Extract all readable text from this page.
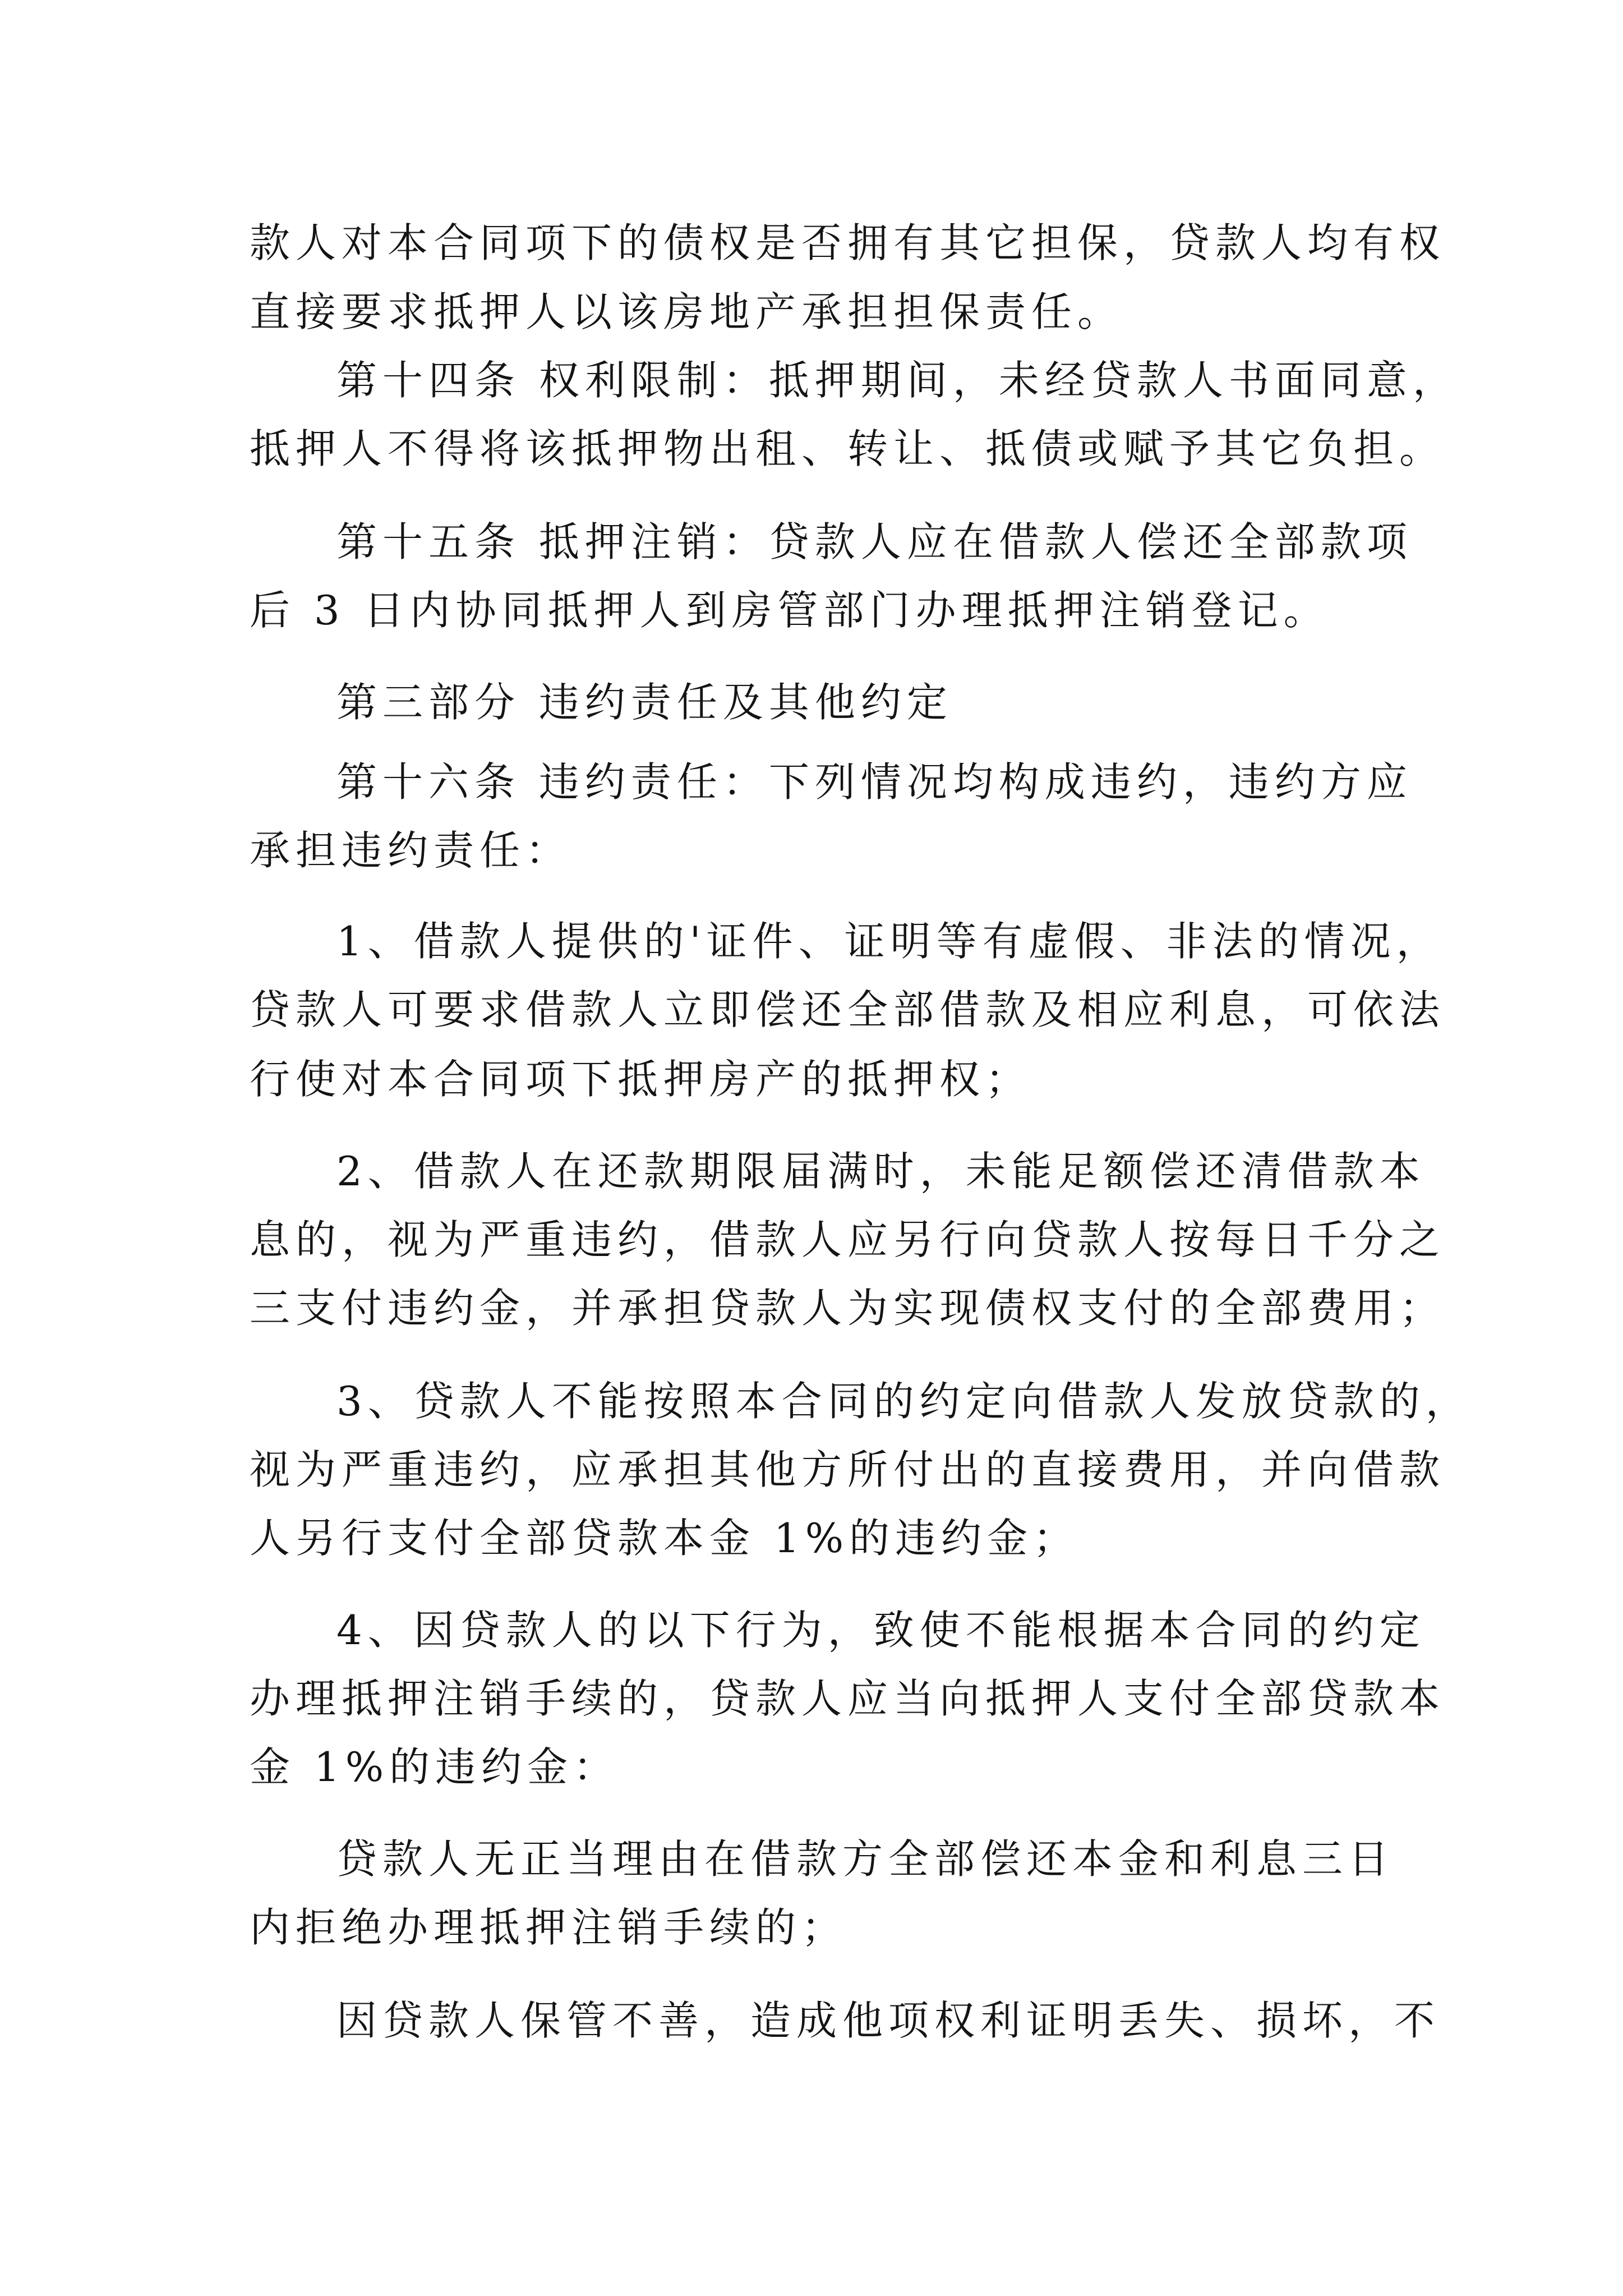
款人对本合同项下的债权是否拥有其它担保，贷款人均有权
直接要求抵押人以该房地产承担担保责任。
第十四条 权利限制：抵押期间，未经贷款人书面同意，
抵押人不得将该抵押物出租、转让、抵债或赋予其它负担。
第十五条 抵押注销：贷款人应在借款人偿还全部款项
后 3 日内协同抵押人到房管部门办理抵押注销登记。
第三部分 违约责任及其他约定
第十六条 违约责任：下列情况均构成违约，违约方应
承担违约责任：
1、借款人提供的'证件、证明等有虚假、非法的情况，
贷款人可要求借款人立即偿还全部借款及相应利息，可依法
行使对本合同项下抵押房产的抵押权；
2、借款人在还款期限届满时，未能足额偿还清借款本
息的，视为严重违约，借款人应另行向贷款人按每日千分之
三支付违约金，并承担贷款人为实现债权支付的全部费用；
3、贷款人不能按照本合同的约定向借款人发放贷款的，
视为严重违约，应承担其他方所付出的直接费用，并向借款
人另行支付全部贷款本金 1%的违约金；
4、因贷款人的以下行为，致使不能根据本合同的约定
办理抵押注销手续的，贷款人应当向抵押人支付全部贷款本
金 1%的违约金：
贷款人无正当理由在借款方全部偿还本金和利息三日
内拒绝办理抵押注销手续的；
因贷款人保管不善，造成他项权利证明丢失、损坏，不
